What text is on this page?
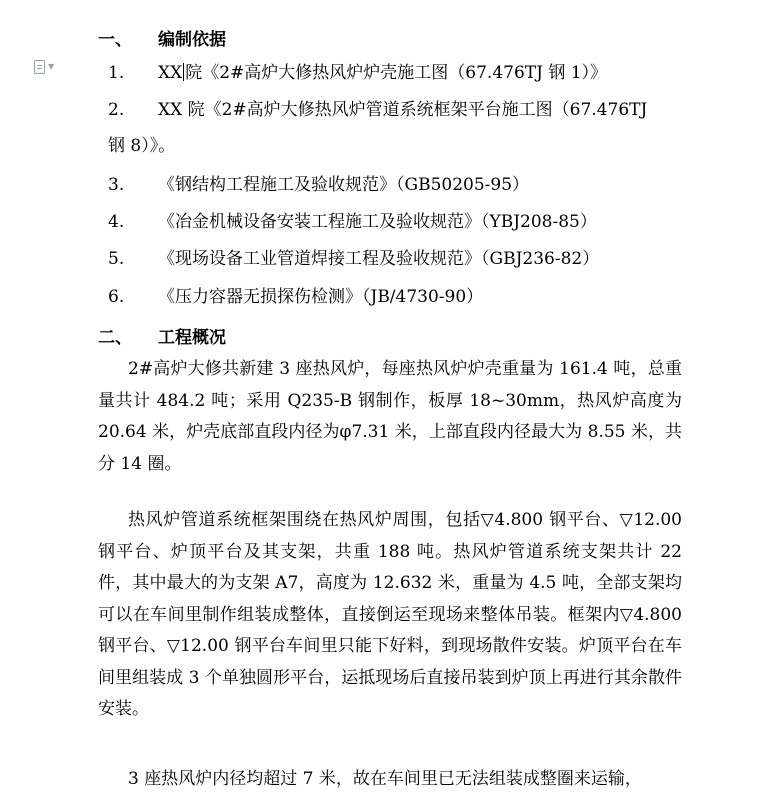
▼
一、	编制依据
1. XX 院《2#高炉大修热风炉炉壳施工图（67.476TJ 钢 1）》
2. XX 院《2#高炉大修热风炉管道系统框架平台施工图（67.476TJ
钢 8）》。
3. 《钢结构工程施工及验收规范》（GB50205-95）
4. 《冶金机械设备安装工程施工及验收规范》（YBJ208-85）
5. 《现场设备工业管道焊接工程及验收规范》（GBJ236-82）
6. 《压力容器无损探伤检测》（JB/4730-90）
二、	工程概况
2#高炉大修共新建 3 座热风炉，每座热风炉炉壳重量为 161.4 吨，总重量共计 484.2 吨；采用 Q235-B 钢制作，板厚 18~30mm，热风炉高度为 20.64 米，炉壳底部直段内径为φ7.31 米，上部直段内径最大为 8.55 米，共分 14 圈。
热风炉管道系统框架围绕在热风炉周围，包括▽4.800 钢平台、▽12.00 钢平台、炉顶平台及其支架，共重 188 吨。热风炉管道系统支架共计 22 件，其中最大的为支架 A7，高度为 12.632 米，重量为 4.5 吨，全部支架均可以在车间里制作组装成整体，直接倒运至现场来整体吊装。框架内▽4.800 钢平台、▽12.00 钢平台车间里只能下好料，到现场散件安装。炉顶平台在车间里组装成 3 个单独圆形平台，运抵现场后直接吊装到炉顶上再进行其余散件安装。
3 座热风炉内径均超过 7 米，故在车间里已无法组装成整圈来运输，
